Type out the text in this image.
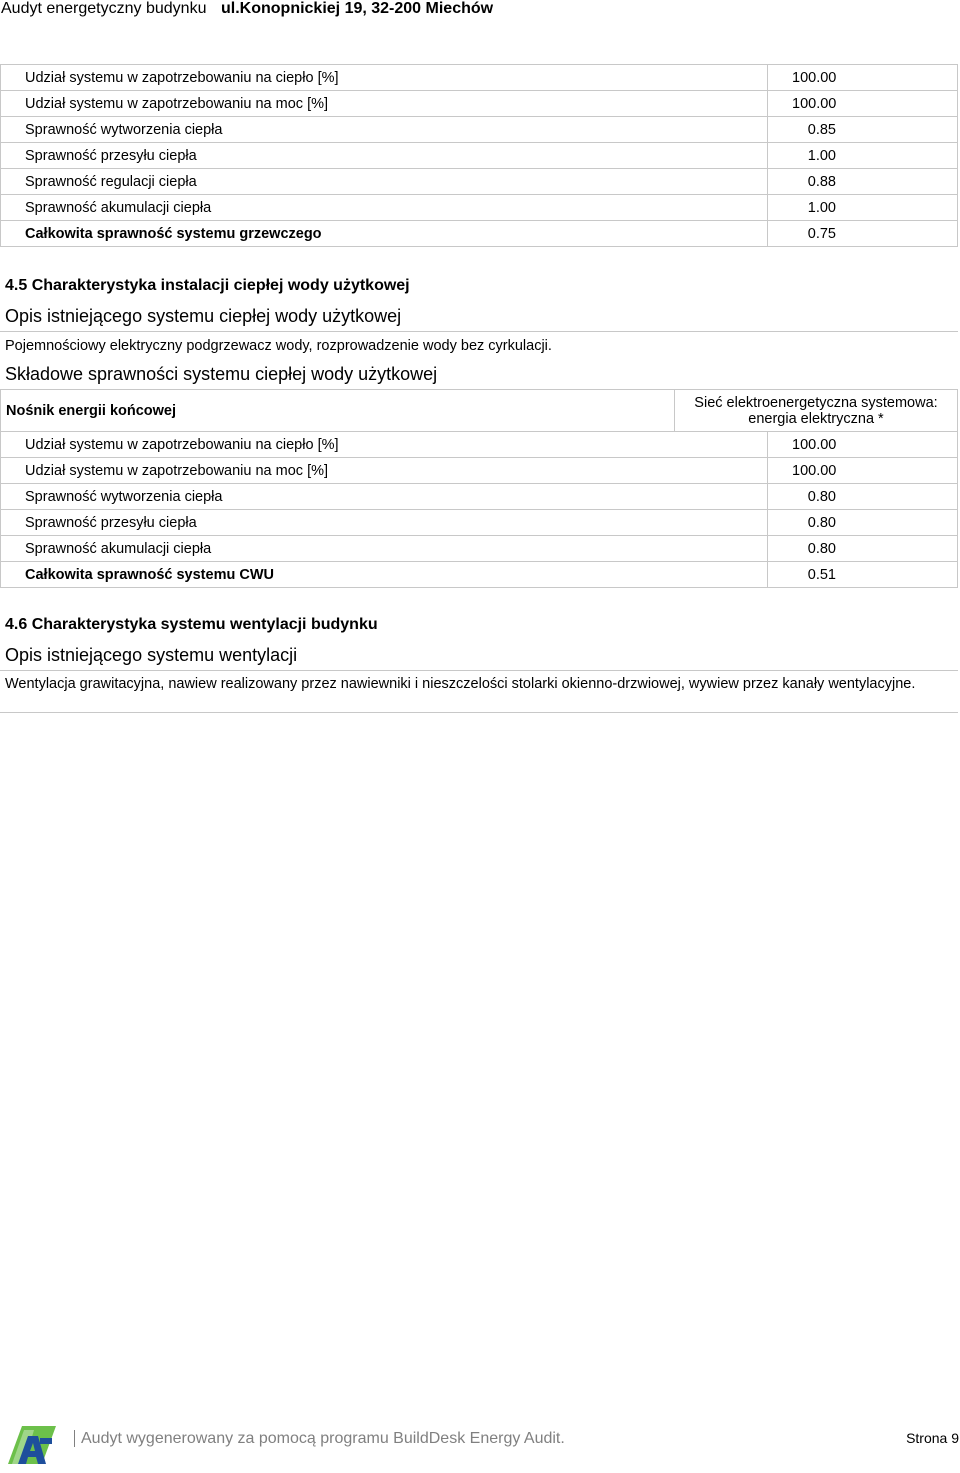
Audyt energetyczny budynku ul.Konopnickiej 19, 32-200 Miechów
Udział systemu w zapotrzebowaniu na ciepło [%]	100.00

Udział systemu w zapotrzebowaniu na moc [%]	100.00

Sprawność wytworzenia ciepła	0.85

Sprawność przesyłu ciepła	1.00

Sprawność regulacji ciepła	0.88

Sprawność akumulacji ciepła	1.00

Całkowita sprawność systemu grzewczego	0.75
4.5 Charakterystyka instalacji ciepłej wody użytkowej
Opis istniejącego systemu ciepłej wody użytkowej
Pojemnościowy elektryczny podgrzewacz wody, rozprowadzenie wody bez cyrkulacji.
Składowe sprawności systemu ciepłej wody użytkowej
Nośnik energii końcowej	Sieć elektroenergetyczna systemowa: energia elektryczna *
Udział systemu w zapotrzebowaniu na ciepło [%]	100.00

Udział systemu w zapotrzebowaniu na moc [%]	100.00

Sprawność wytworzenia ciepła	0.80

Sprawność przesyłu ciepła	0.80

Sprawność akumulacji ciepła	0.80

Całkowita sprawność systemu CWU	0.51
4.6 Charakterystyka systemu wentylacji budynku
Opis istniejącego systemu wentylacji
Wentylacja grawitacyjna, nawiew realizowany przez nawiewniki i nieszczelości stolarki okienno-drzwiowej, wywiew przez kanały wentylacyjne.
Audyt wygenerowany za pomocą programu BuildDesk Energy Audit.	Strona 9
